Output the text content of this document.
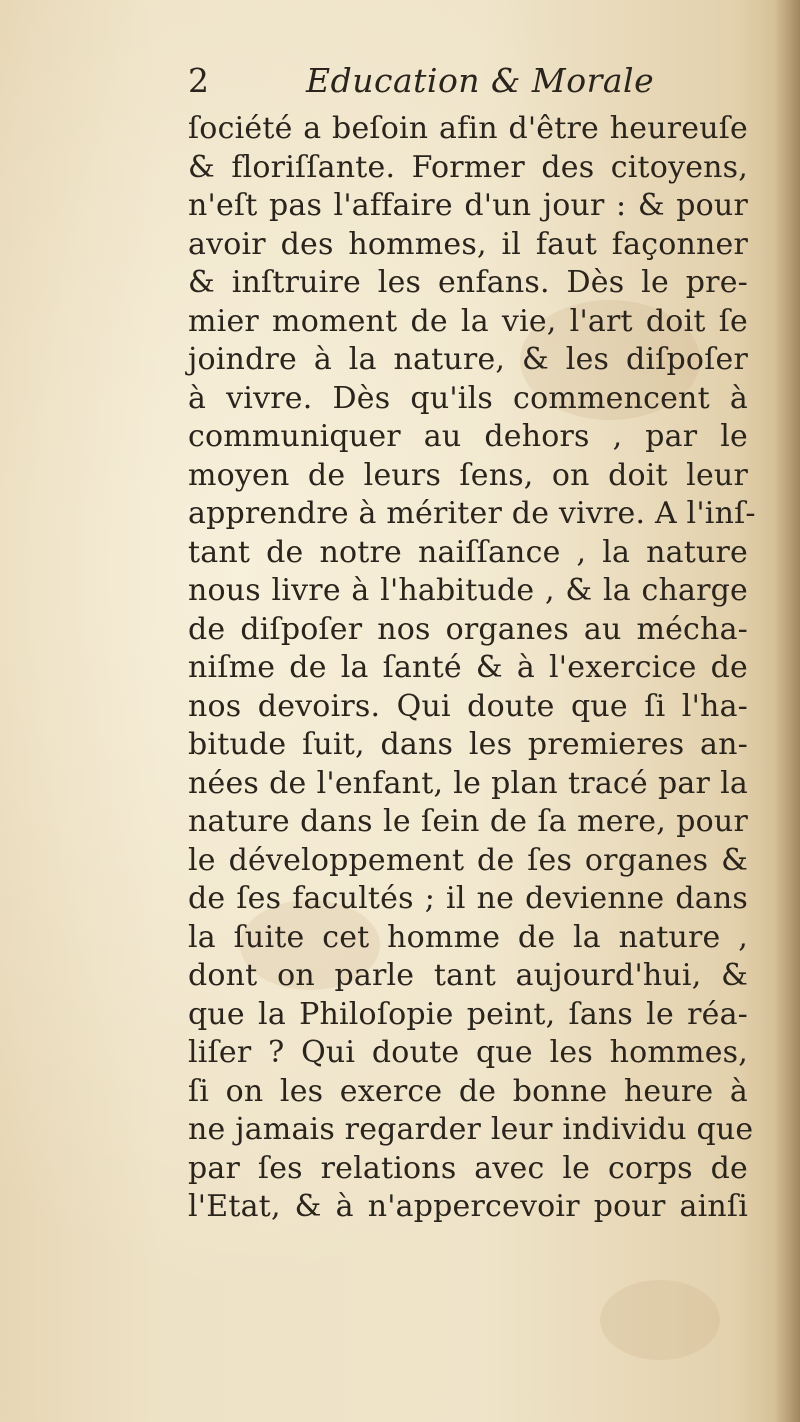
2	Education & Morale
ſociété a beſoin afin d'être heureuſe
& floriſſante. Former des citoyens,
n'eſt pas l'affaire d'un jour : & pour
avoir des hommes, il faut façonner
& inſtruire les enfans. Dès le pre-
mier moment de la vie, l'art doit ſe
joindre à la nature, & les diſpoſer
à vivre. Dès qu'ils commencent à
communiquer au dehors , par le
moyen de leurs ſens, on doit leur
apprendre à mériter de vivre. A l'inſ-
tant de notre naiſſance , la nature
nous livre à l'habitude , & la charge
de diſpoſer nos organes au mécha-
niſme de la ſanté & à l'exercice de
nos devoirs. Qui doute que ſi l'ha-
bitude ſuit, dans les premieres an-
nées de l'enfant, le plan tracé par la
nature dans le ſein de ſa mere, pour
le développement de ſes organes &
de ſes facultés ; il ne devienne dans
la ſuite cet homme de la nature ,
dont on parle tant aujourd'hui, &
que la Philoſopie peint, ſans le réa-
liſer ? Qui doute que les hommes,
ſi on les exerce de bonne heure à
ne jamais regarder leur individu que
par ſes relations avec le corps de
l'Etat, & à n'appercevoir pour ainſi
